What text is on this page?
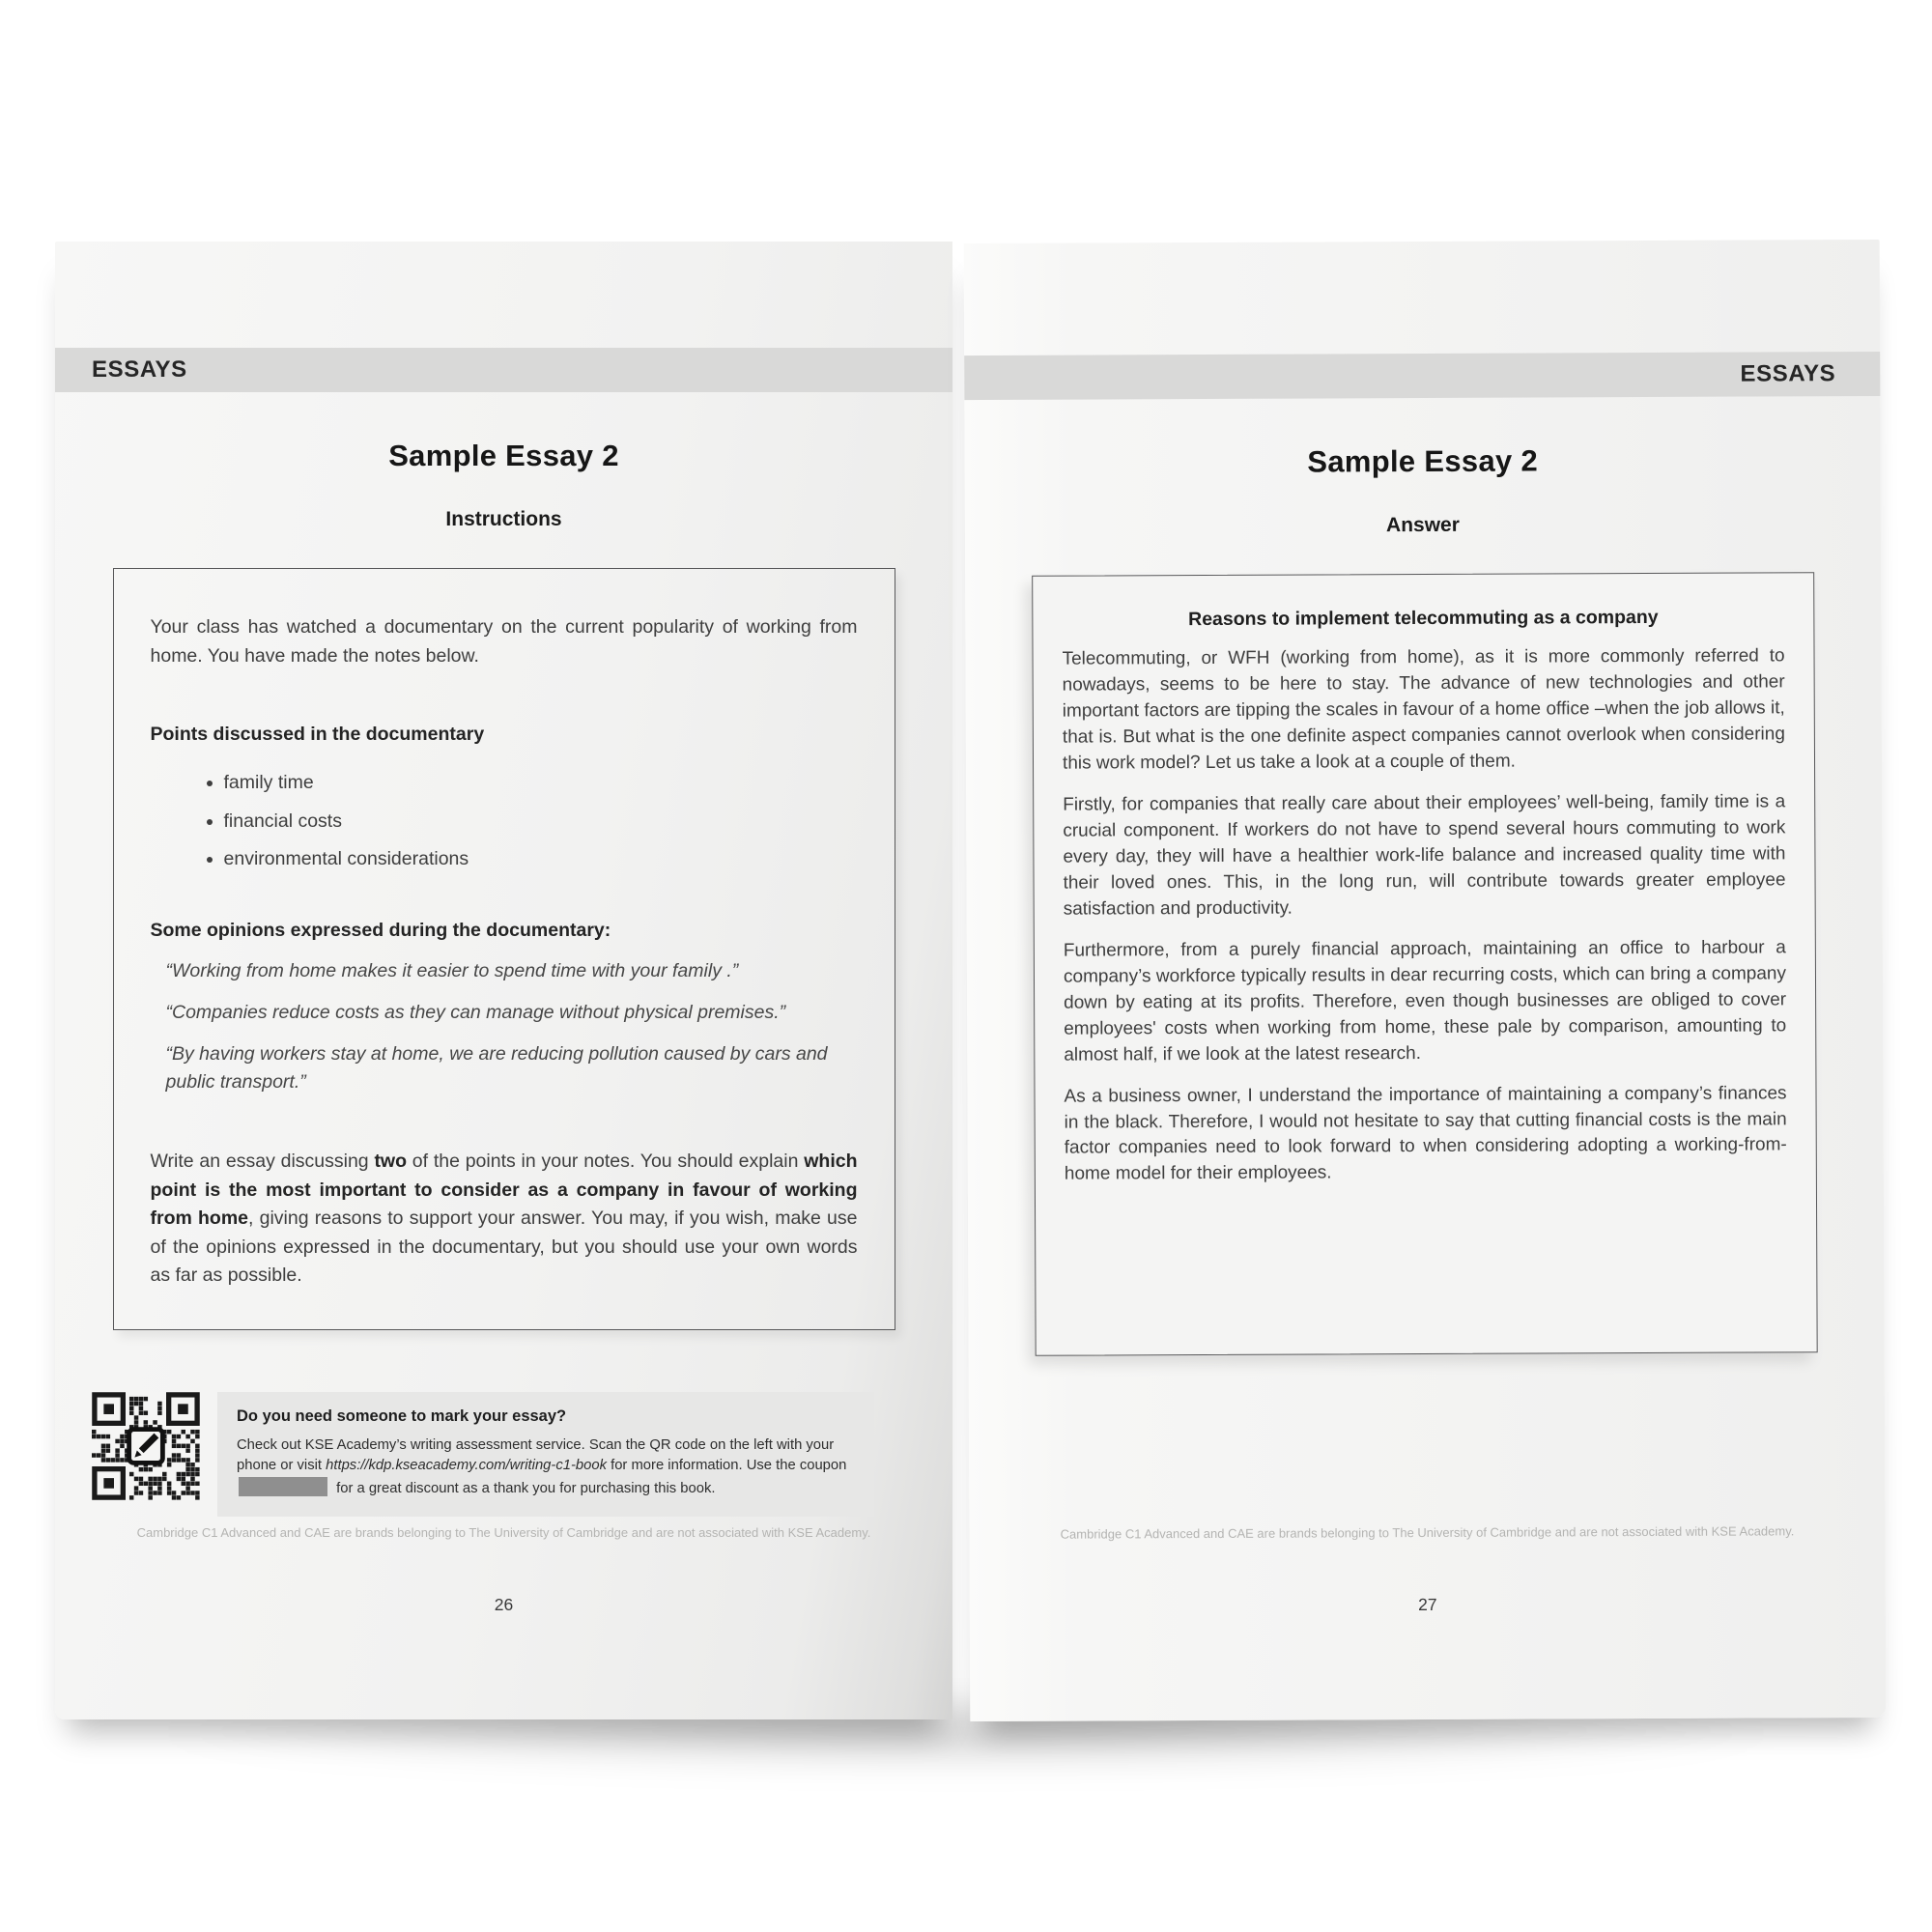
ESSAYS
Sample Essay 2
Instructions

Your class has watched a documentary on the current popularity of working from home. You have made the notes below.

Points discussed in the documentary

• family time
• financial costs
• environmental considerations

Some opinions expressed during the documentary:

“Working from home makes it easier to spend time with your family .”

“Companies reduce costs as they can manage without physical premises.”

“By having workers stay at home, we are reducing pollution caused by cars and public transport.”

Write an essay discussing two of the points in your notes. You should explain which point is the most important to consider as a company in favour of working from home, giving reasons to support your answer. You may, if you wish, make use of the opinions expressed in the documentary, but you should use your own words as far as possible.

Do you need someone to mark your essay?

Check out KSE Academy’s writing assessment service. Scan the QR code on the left with your phone or visit https://kdp.kseacademy.com/writing-c1-book for more information. Use the coupon for a great discount as a thank you for purchasing this book.

Cambridge C1 Advanced and CAE are brands belonging to The University of Cambridge and are not associated with KSE Academy.

26

ESSAYS
Sample Essay 2
Answer

Reasons to implement telecommuting as a company

Telecommuting, or WFH (working from home), as it is more commonly referred to nowadays, seems to be here to stay. The advance of new technologies and other important factors are tipping the scales in favour of a home office –when the job allows it, that is. But what is the one definite aspect companies cannot overlook when considering this work model? Let us take a look at a couple of them.

Firstly, for companies that really care about their employees’ well-being, family time is a crucial component. If workers do not have to spend several hours commuting to work every day, they will have a healthier work-life balance and increased quality time with their loved ones. This, in the long run, will contribute towards greater employee satisfaction and productivity.

Furthermore, from a purely financial approach, maintaining an office to harbour a company’s workforce typically results in dear recurring costs, which can bring a company down by eating at its profits. Therefore, even though businesses are obliged to cover employees' costs when working from home, these pale by comparison, amounting to almost half, if we look at the latest research.

As a business owner, I understand the importance of maintaining a company’s finances in the black. Therefore, I would not hesitate to say that cutting financial costs is the main factor companies need to look forward to when considering adopting a working-from-home model for their employees.

Cambridge C1 Advanced and CAE are brands belonging to The University of Cambridge and are not associated with KSE Academy.

27
